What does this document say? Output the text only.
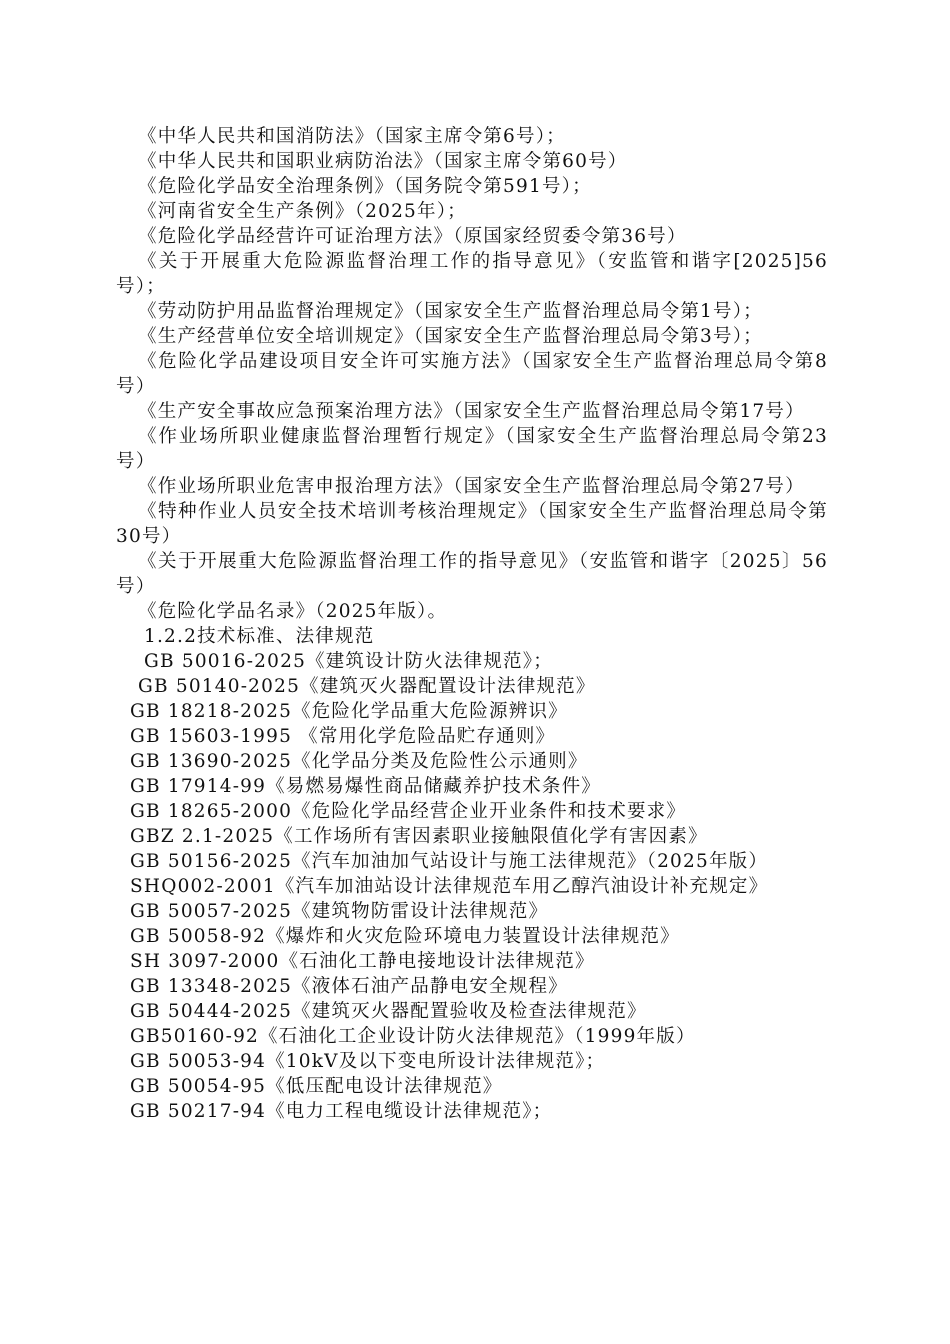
《中华人民共和国消防法》（国家主席令第6号）；

《中华人民共和国职业病防治法》（国家主席令第60号）

《危险化学品安全治理条例》（国务院令第591号）；

《河南省安全生产条例》（2025年）；

《危险化学品经营许可证治理方法》（原国家经贸委令第36号）

《关于开展重大危险源监督治理工作的指导意见》（安监管和谐字[2025]56号）；

《劳动防护用品监督治理规定》（国家安全生产监督治理总局令第1号）；

《生产经营单位安全培训规定》（国家安全生产监督治理总局令第3号）；

《危险化学品建设项目安全许可实施方法》（国家安全生产监督治理总局令第8号）

《生产安全事故应急预案治理方法》（国家安全生产监督治理总局令第17号）

《作业场所职业健康监督治理暂行规定》（国家安全生产监督治理总局令第23号）

《作业场所职业危害申报治理方法》（国家安全生产监督治理总局令第27号）

《特种作业人员安全技术培训考核治理规定》（国家安全生产监督治理总局令第30号）

《关于开展重大危险源监督治理工作的指导意见》（安监管和谐字〔2025〕56号）

《危险化学品名录》（2025年版）。

1.2.2技术标准、法律规范

GB 50016-2025《建筑设计防火法律规范》；

GB 50140-2025《建筑灭火器配置设计法律规范》

GB 18218-2025《危险化学品重大危险源辨识》

GB 15603-1995 《常用化学危险品贮存通则》

GB 13690-2025《化学品分类及危险性公示通则》

GB 17914-99《易燃易爆性商品储藏养护技术条件》

GB 18265-2000《危险化学品经营企业开业条件和技术要求》

GBZ 2.1-2025《工作场所有害因素职业接触限值化学有害因素》

GB 50156-2025《汽车加油加气站设计与施工法律规范》（2025年版）

SHQ002-2001《汽车加油站设计法律规范车用乙醇汽油设计补充规定》

GB 50057-2025《建筑物防雷设计法律规范》

GB 50058-92《爆炸和火灾危险环境电力装置设计法律规范》

SH 3097-2000《石油化工静电接地设计法律规范》

GB 13348-2025《液体石油产品静电安全规程》

GB 50444-2025《建筑灭火器配置验收及检查法律规范》

GB50160-92《石油化工企业设计防火法律规范》（1999年版）

GB 50053-94《10kV及以下变电所设计法律规范》；

GB 50054-95《低压配电设计法律规范》

GB 50217-94《电力工程电缆设计法律规范》；
